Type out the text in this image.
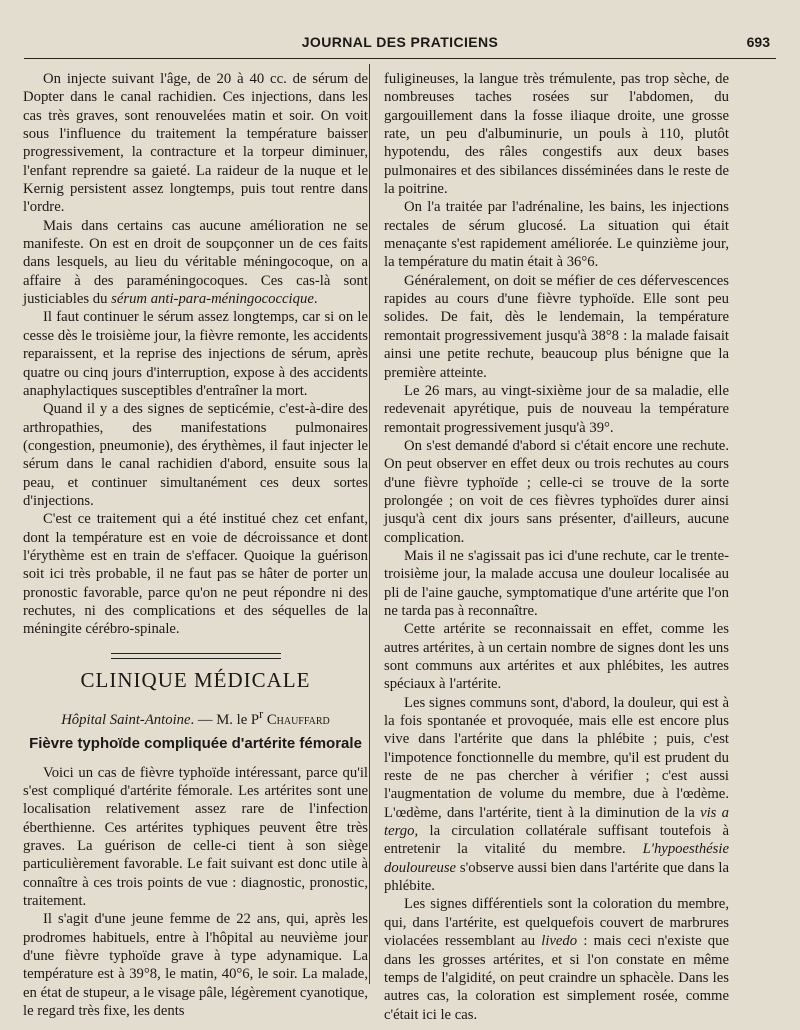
JOURNAL DES PRATICIENS	693

On injecte suivant l'âge, de 20 à 40 cc. de sérum de Dopter dans le canal rachidien. Ces injections, dans les cas très graves, sont renouvelées matin et soir. On voit sous l'influence du traitement la température baisser progressivement, la contracture et la torpeur diminuer, l'enfant reprendre sa gaieté. La raideur de la nuque et le Kernig persistent assez longtemps, puis tout rentre dans l'ordre.

Mais dans certains cas aucune amélioration ne se manifeste. On est en droit de soupçonner un de ces faits dans lesquels, au lieu du véritable méningocoque, on a affaire à des paraméningocoques. Ces cas-là sont justiciables du sérum anti-para-méningococcique.

Il faut continuer le sérum assez longtemps, car si on le cesse dès le troisième jour, la fièvre remonte, les accidents reparaissent, et la reprise des injections de sérum, après quatre ou cinq jours d'interruption, expose à des accidents anaphylactiques susceptibles d'entraîner la mort.

Quand il y a des signes de septicémie, c'est-à-dire des arthropathies, des manifestations pulmonaires (congestion, pneumonie), des érythèmes, il faut injecter le sérum dans le canal rachidien d'abord, ensuite sous la peau, et continuer simultanément ces deux sortes d'injections.

C'est ce traitement qui a été institué chez cet enfant, dont la température est en voie de décroissance et dont l'érythème est en train de s'effacer. Quoique la guérison soit ici très probable, il ne faut pas se hâter de porter un pronostic favorable, parce qu'on ne peut répondre ni des rechutes, ni des complications et des séquelles de la méningite cérébro-spinale.

CLINIQUE MÉDICALE
Hôpital Saint-Antoine. — M. le $P^r$ Chauffard
Fièvre typhoïde compliquée d'artérite fémorale

Voici un cas de fièvre typhoïde intéressant, parce qu'il s'est compliqué d'artérite fémorale. Les artérites sont une localisation relativement assez rare de l'infection éberthienne. Ces artérites typhiques peuvent être très graves. La guérison de celle-ci tient à son siège particulièrement favorable. Le fait suivant est donc utile à connaître à ces trois points de vue : diagnostic, pronostic, traitement.

Il s'agit d'une jeune femme de 22 ans, qui, après les prodromes habituels, entre à l'hôpital au neuvième jour d'une fièvre typhoïde grave à type adynamique. La température est à 39°8, le matin, 40°6, le soir. La malade, en état de stupeur, a le visage pâle, légèrement cyanotique, le regard très fixe, les dents

fuligineuses, la langue très trémulente, pas trop sèche, de nombreuses taches rosées sur l'abdomen, du gargouillement dans la fosse iliaque droite, une grosse rate, un peu d'albuminurie, un pouls à 110, plutôt hypotendu, des râles congestifs aux deux bases pulmonaires et des sibilances disséminées dans le reste de la poitrine.

On l'a traitée par l'adrénaline, les bains, les injections rectales de sérum glucosé. La situation qui était menaçante s'est rapidement améliorée. Le quinzième jour, la température du matin était à 36°6.

Généralement, on doit se méfier de ces défervescences rapides au cours d'une fièvre typhoïde. Elle sont peu solides. De fait, dès le lendemain, la température remontait progressivement jusqu'à 38°8 : la malade faisait ainsi une petite rechute, beaucoup plus bénigne que la première atteinte.

Le 26 mars, au vingt-sixième jour de sa maladie, elle redevenait apyrétique, puis de nouveau la température remontait progressivement jusqu'à 39°.

On s'est demandé d'abord si c'était encore une rechute. On peut observer en effet deux ou trois rechutes au cours d'une fièvre typhoïde ; celle-ci se trouve de la sorte prolongée ; on voit de ces fièvres typhoïdes durer ainsi jusqu'à cent dix jours sans présenter, d'ailleurs, aucune complication.

Mais il ne s'agissait pas ici d'une rechute, car le trente-troisième jour, la malade accusa une douleur localisée au pli de l'aine gauche, symptomatique d'une artérite que l'on ne tarda pas à reconnaître.

Cette artérite se reconnaissait en effet, comme les autres artérites, à un certain nombre de signes dont les uns sont communs aux artérites et aux phlébites, les autres spéciaux à l'artérite.

Les signes communs sont, d'abord, la douleur, qui est à la fois spontanée et provoquée, mais elle est encore plus vive dans l'artérite que dans la phlébite ; puis, c'est l'impotence fonctionnelle du membre, qu'il est prudent du reste de ne pas chercher à vérifier ; c'est aussi l'augmentation de volume du membre, due à l'œdème. L'œdème, dans l'artérite, tient à la diminution de la vis a tergo, la circulation collatérale suffisant toutefois à entretenir la vitalité du membre. L'hypoesthésie douloureuse s'observe aussi bien dans l'artérite que dans la phlébite.

Les signes différentiels sont la coloration du membre, qui, dans l'artérite, est quelquefois couvert de marbrures violacées ressemblant au livedo : mais ceci n'existe que dans les grosses artérites, et si l'on constate en même temps de l'algidité, on peut craindre un sphacèle. Dans les autres cas, la coloration est simplement rosée, comme c'était ici le cas.
